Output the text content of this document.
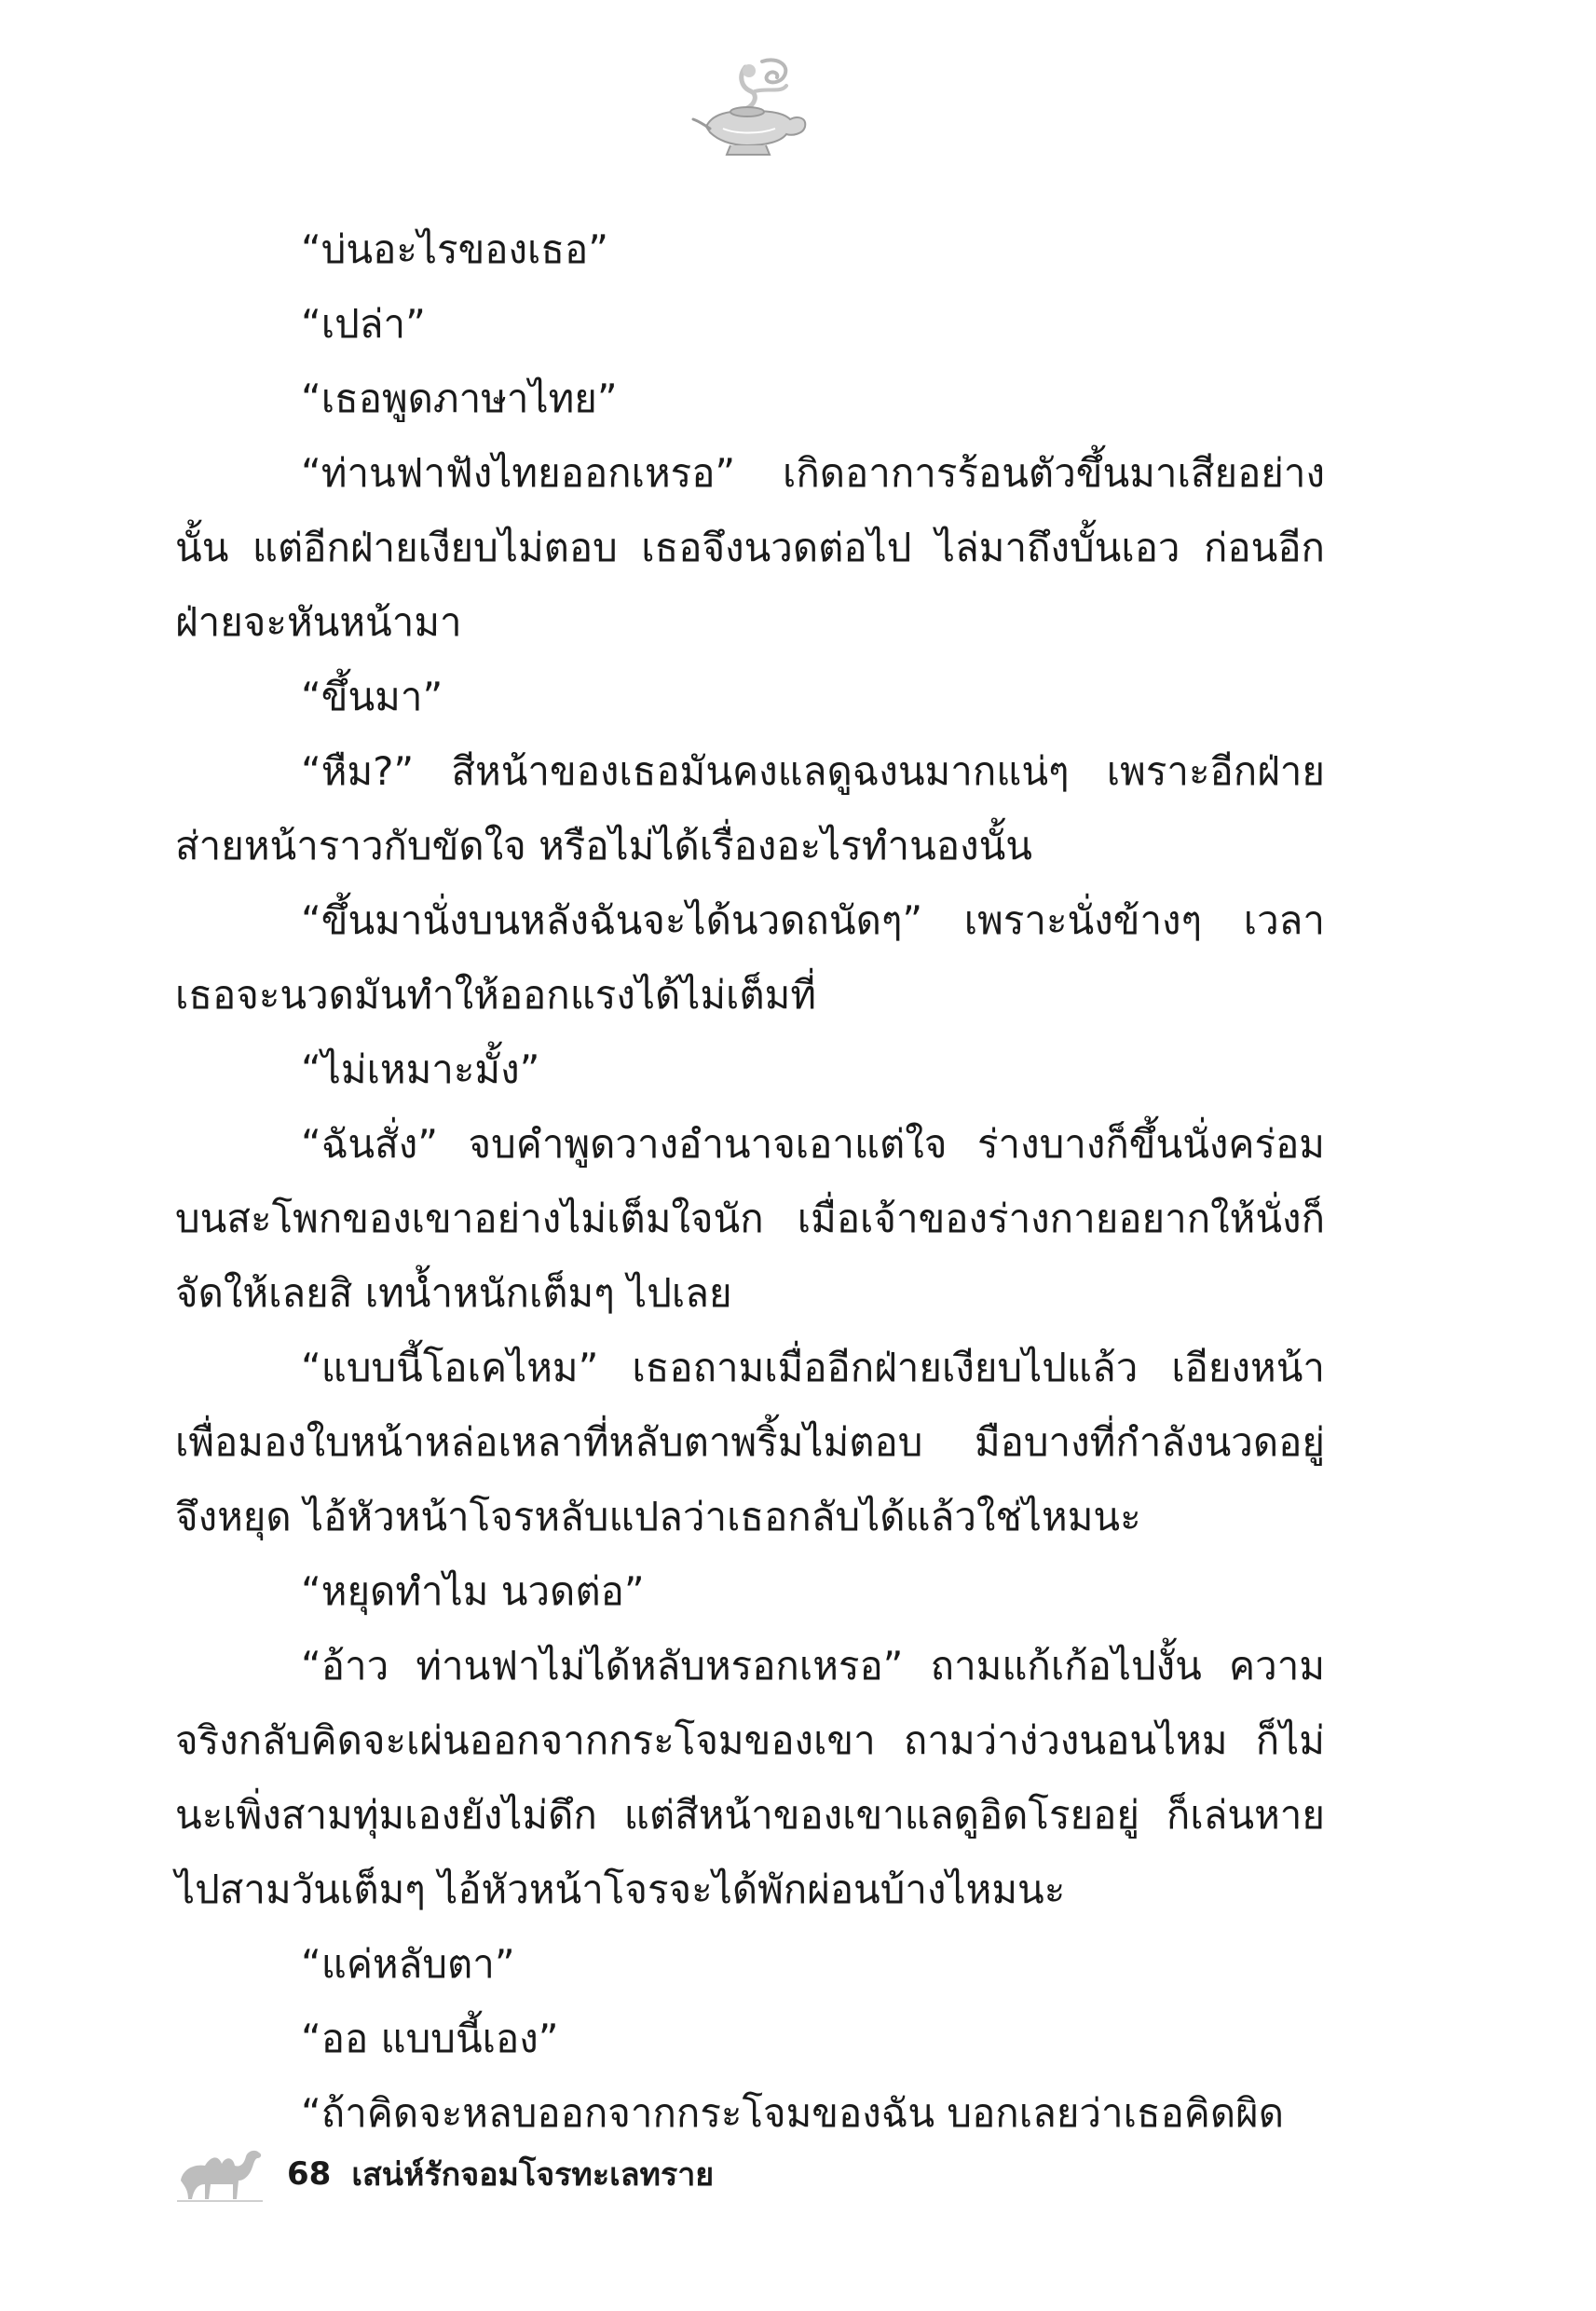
“บ่นอะไรของเธอ”

“เปล่า”

“เธอพูดภาษาไทย”

“ท่านฟาฟังไทยออกเหรอ” เกิดอาการร้อนตัวขึ้นมาเสียอย่างนั้น แต่อีกฝ่ายเงียบไม่ตอบ เธอจึงนวดต่อไป ไล่มาถึงบั้นเอว ก่อนอีกฝ่ายจะหันหน้ามา

“ขึ้นมา”

“หืม?” สีหน้าของเธอมันคงแลดูฉงนมากแน่ๆ เพราะอีกฝ่ายส่ายหน้าราวกับขัดใจ หรือไม่ได้เรื่องอะไรทำนองนั้น

“ขึ้นมานั่งบนหลังฉันจะได้นวดถนัดๆ” เพราะนั่งข้างๆ เวลาเธอจะนวดมันทำให้ออกแรงได้ไม่เต็มที่

“ไม่เหมาะมั้ง”

“ฉันสั่ง” จบคำพูดวางอำนาจเอาแต่ใจ ร่างบางก็ขึ้นนั่งคร่อมบนสะโพกของเขาอย่างไม่เต็มใจนัก เมื่อเจ้าของร่างกายอยากให้นั่งก็จัดให้เลยสิ เทน้ำหนักเต็มๆ ไปเลย

“แบบนี้โอเคไหม” เธอถามเมื่ออีกฝ่ายเงียบไปแล้ว เอียงหน้าเพื่อมองใบหน้าหล่อเหลาที่หลับตาพริ้มไม่ตอบ มือบางที่กำลังนวดอยู่จึงหยุด ไอ้หัวหน้าโจรหลับแปลว่าเธอกลับได้แล้วใช่ไหมนะ

“หยุดทำไม นวดต่อ”

“อ้าว ท่านฟาไม่ได้หลับหรอกเหรอ” ถามแก้เก้อไปงั้น ความจริงกลับคิดจะเผ่นออกจากกระโจมของเขา ถามว่าง่วงนอนไหม ก็ไม่นะเพิ่งสามทุ่มเองยังไม่ดึก แต่สีหน้าของเขาแลดูอิดโรยอยู่ ก็เล่นหายไปสามวันเต็มๆ ไอ้หัวหน้าโจรจะได้พักผ่อนบ้างไหมนะ

“แค่หลับตา”

“ออ แบบนี้เอง”

“ถ้าคิดจะหลบออกจากกระโจมของฉัน บอกเลยว่าเธอคิดผิด

68 เสน่ห์รักจอมโจรทะเลทราย
